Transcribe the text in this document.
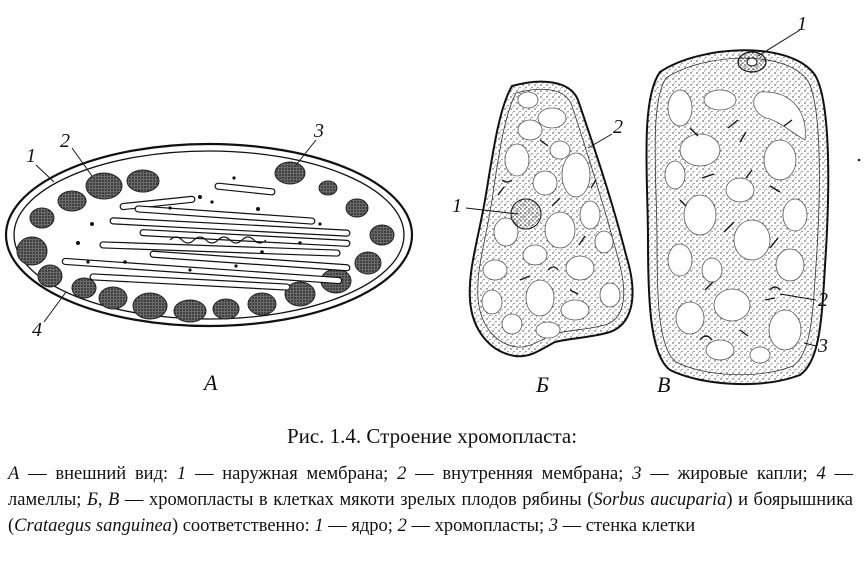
1
2	3
4
А
1
2
Б
1
2
3
В
Рис. 1.4. Строение хромопласта:
А — внешний вид: 1 — наружная мембрана; 2 — внутренняя мембрана; 3 — жировые капли; 4 — ламеллы; Б, В — хромопласты в клетках мякоти зрелых плодов рябины (Sorbus aucuparia) и боярышника (Crataegus sanguinea) соответственно: 1 — ядро; 2 — хромопласты; 3 — стенка клетки
